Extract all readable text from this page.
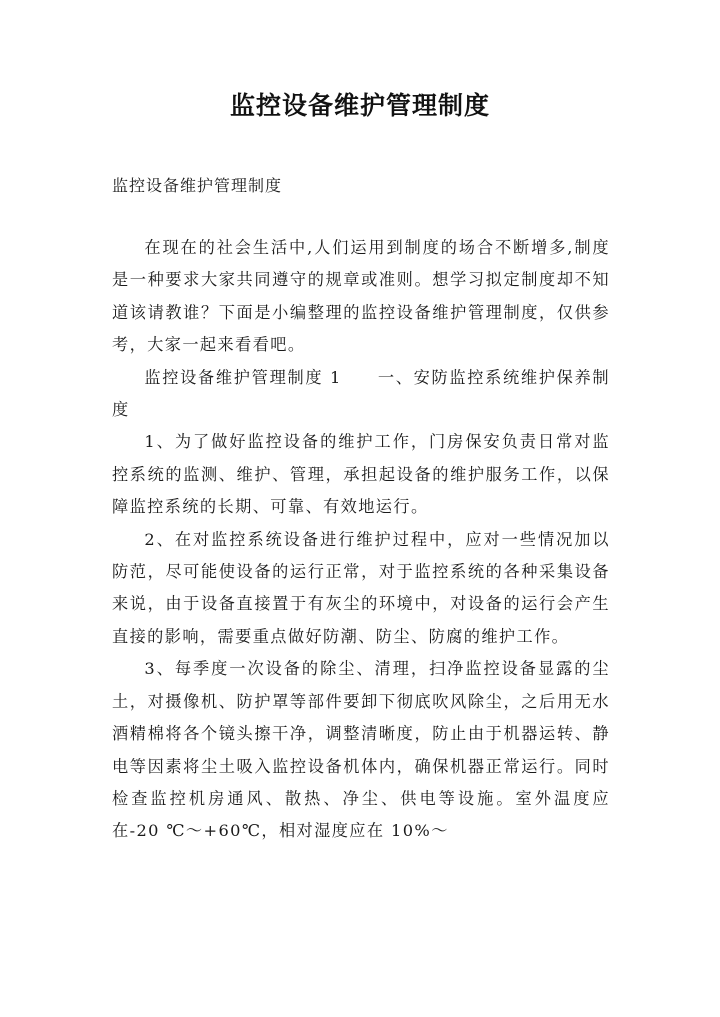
监控设备维护管理制度
监控设备维护管理制度

在现在的社会生活中,人们运用到制度的场合不断增多,制度是一种要求大家共同遵守的规章或准则。想学习拟定制度却不知道该请教谁？下面是小编整理的监控设备维护管理制度，仅供参考，大家一起来看看吧。

监控设备维护管理制度 1　　一、安防监控系统维护保养制度

1、为了做好监控设备的维护工作，门房保安负责日常对监控系统的监测、维护、管理，承担起设备的维护服务工作，以保障监控系统的长期、可靠、有效地运行。

2、在对监控系统设备进行维护过程中，应对一些情况加以防范，尽可能使设备的运行正常，对于监控系统的各种采集设备来说，由于设备直接置于有灰尘的环境中，对设备的运行会产生直接的影响，需要重点做好防潮、防尘、防腐的维护工作。

3、每季度一次设备的除尘、清理，扫净监控设备显露的尘土，对摄像机、防护罩等部件要卸下彻底吹风除尘，之后用无水酒精棉将各个镜头擦干净，调整清晰度，防止由于机器运转、静电等因素将尘土吸入监控设备机体内，确保机器正常运行。同时检查监控机房通风、散热、净尘、供电等设施。室外温度应在-20 ℃～+60℃，相对湿度应在 10%～
